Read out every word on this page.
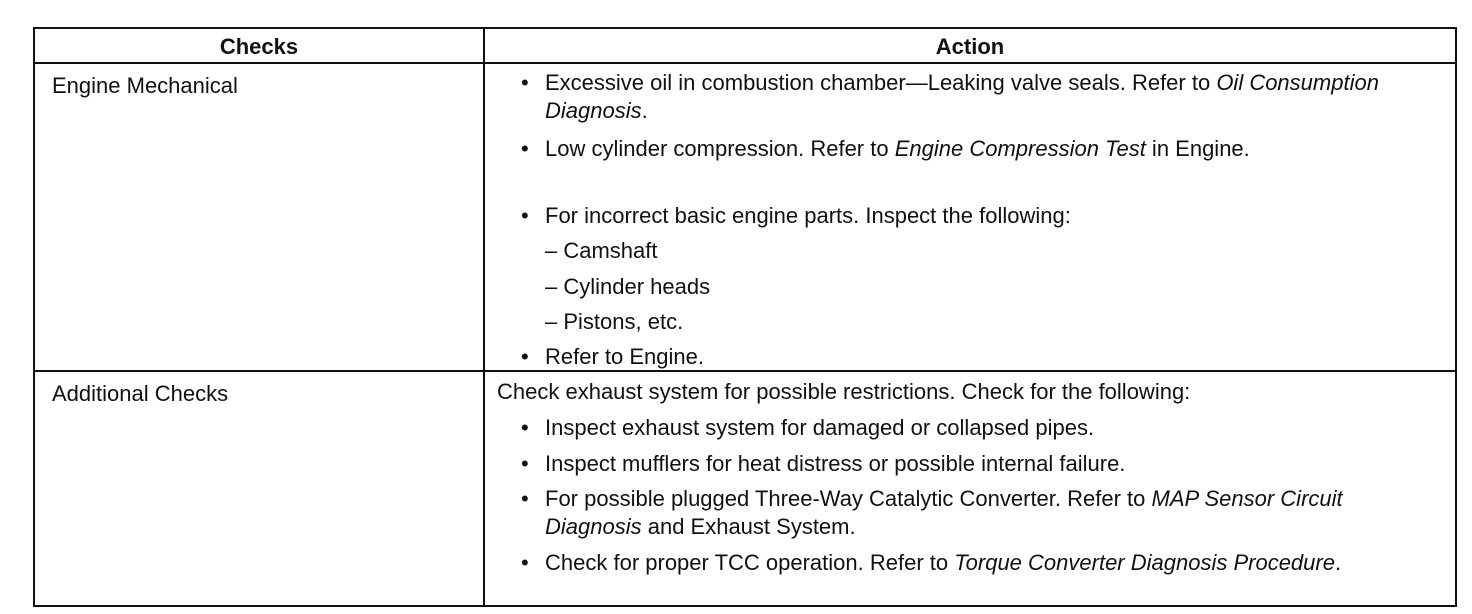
Checks	Action
Engine Mechanical	• Excessive oil in combustion chamber—Leaking valve seals. Refer to Oil Consumption Diagnosis.
• Low cylinder compression. Refer to Engine Compression Test in Engine.
• For incorrect basic engine parts. Inspect the following:
– Camshaft
– Cylinder heads
– Pistons, etc.
• Refer to Engine.
Additional Checks	Check exhaust system for possible restrictions. Check for the following:
• Inspect exhaust system for damaged or collapsed pipes.
• Inspect mufflers for heat distress or possible internal failure.
• For possible plugged Three-Way Catalytic Converter. Refer to MAP Sensor Circuit Diagnosis and Exhaust System.
• Check for proper TCC operation. Refer to Torque Converter Diagnosis Procedure.
